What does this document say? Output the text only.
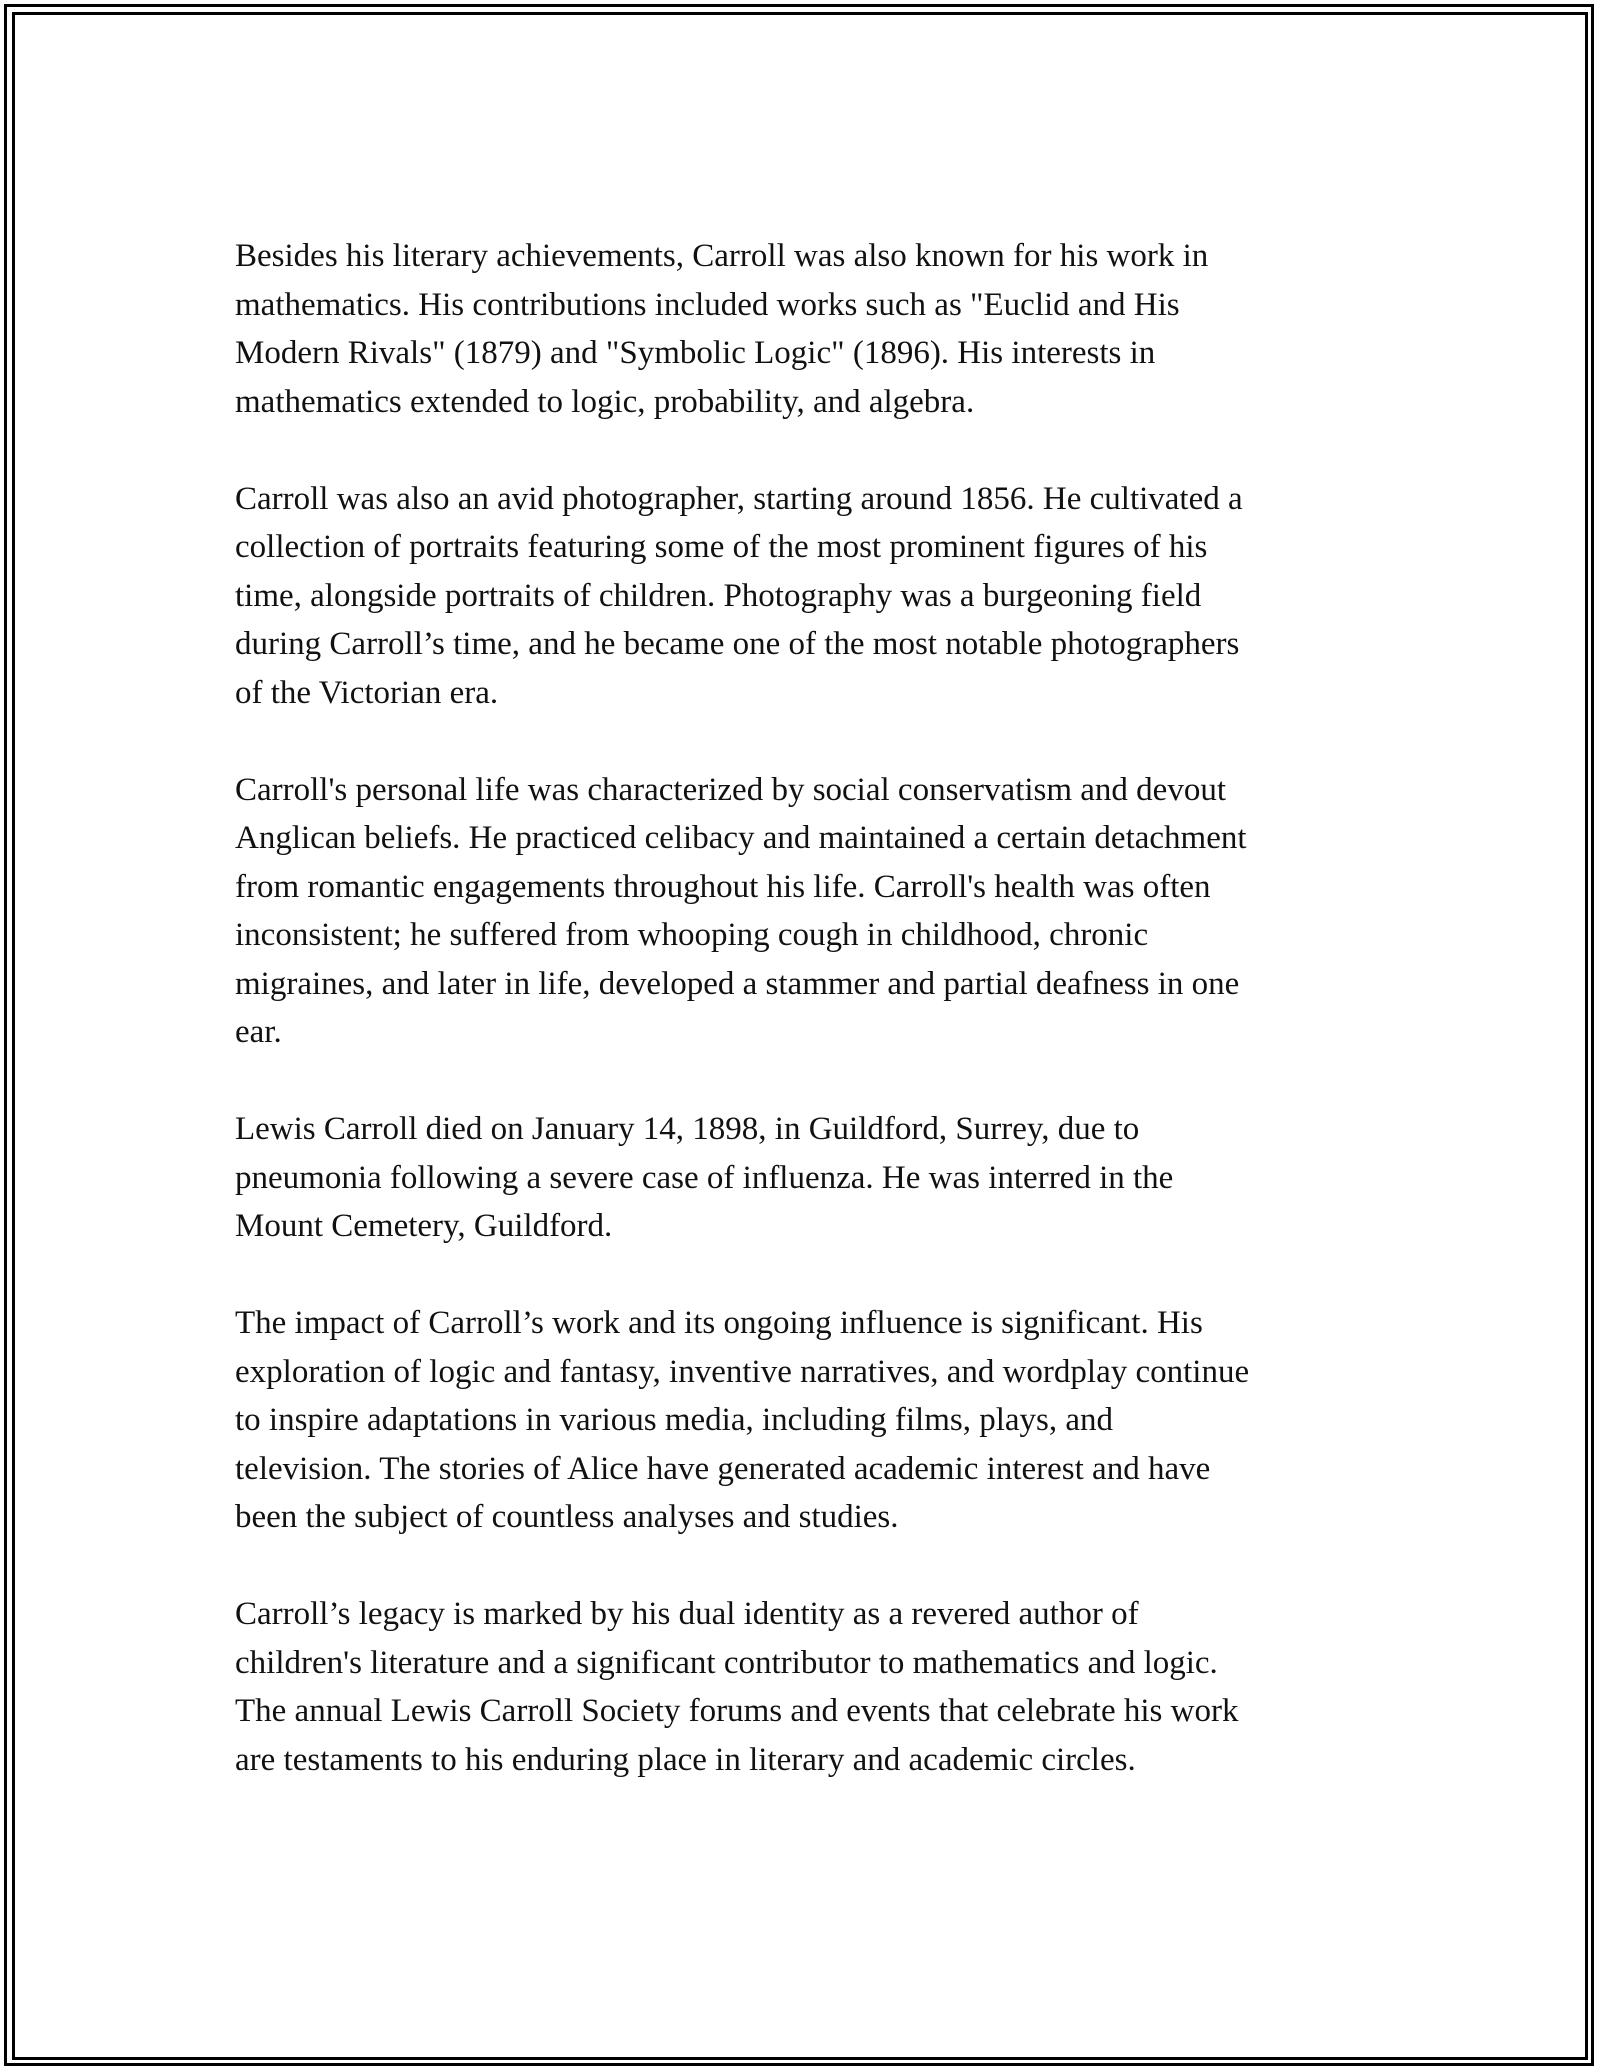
Besides his literary achievements, Carroll was also known for his work in
mathematics. His contributions included works such as "Euclid and His
Modern Rivals" (1879) and "Symbolic Logic" (1896). His interests in
mathematics extended to logic, probability, and algebra.

Carroll was also an avid photographer, starting around 1856. He cultivated a
collection of portraits featuring some of the most prominent figures of his
time, alongside portraits of children. Photography was a burgeoning field
during Carroll’s time, and he became one of the most notable photographers
of the Victorian era.

Carroll's personal life was characterized by social conservatism and devout
Anglican beliefs. He practiced celibacy and maintained a certain detachment
from romantic engagements throughout his life. Carroll's health was often
inconsistent; he suffered from whooping cough in childhood, chronic
migraines, and later in life, developed a stammer and partial deafness in one
ear.

Lewis Carroll died on January 14, 1898, in Guildford, Surrey, due to
pneumonia following a severe case of influenza. He was interred in the
Mount Cemetery, Guildford.

The impact of Carroll’s work and its ongoing influence is significant. His
exploration of logic and fantasy, inventive narratives, and wordplay continue
to inspire adaptations in various media, including films, plays, and
television. The stories of Alice have generated academic interest and have
been the subject of countless analyses and studies.

Carroll’s legacy is marked by his dual identity as a revered author of
children's literature and a significant contributor to mathematics and logic.
The annual Lewis Carroll Society forums and events that celebrate his work
are testaments to his enduring place in literary and academic circles.
